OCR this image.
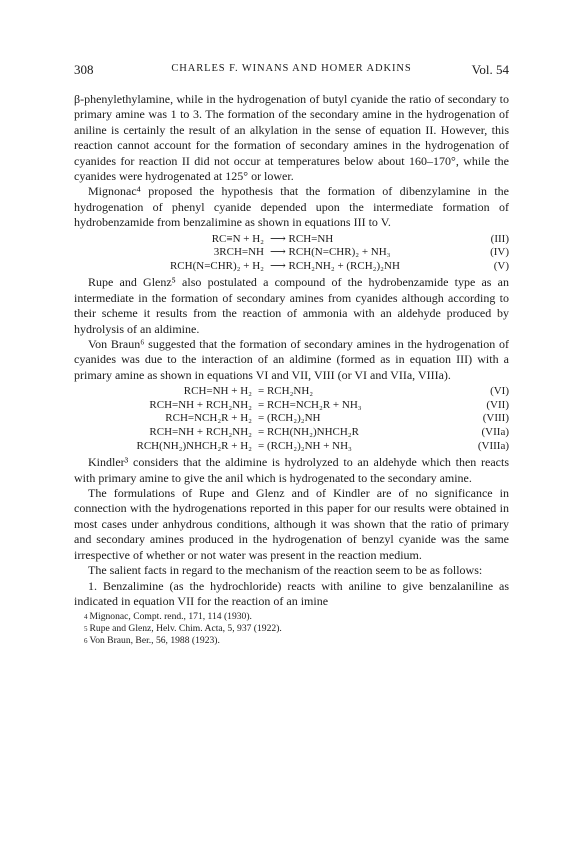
308	CHARLES F. WINANS AND HOMER ADKINS	Vol. 54

β-phenylethylamine, while in the hydrogenation of butyl cyanide the ratio of secondary to primary amine was 1 to 3. The formation of the secondary amine in the hydrogenation of aniline is certainly the result of an alkylation in the sense of equation II. However, this reaction cannot account for the formation of secondary amines in the hydrogenation of cyanides for reaction II did not occur at temperatures below about 160–170°, while the cyanides were hydrogenated at 125° or lower.

Mignonac⁴ proposed the hypothesis that the formation of dibenzylamine in the hydrogenation of phenyl cyanide depended upon the intermediate formation of hydrobenzamide from benzalimine as shown in equations III to V.

RC≡N + H₂ ⟶ RCH=NH	(III)
3RCH=NH ⟶ RCH(N=CHR)₂ + NH₃	(IV)
RCH(N=CHR)₂ + H₂ ⟶ RCH₂NH₂ + (RCH₂)₂NH	(V)

Rupe and Glenz⁵ also postulated a compound of the hydrobenzamide type as an intermediate in the formation of secondary amines from cyanides although according to their scheme it results from the reaction of ammonia with an aldehyde produced by hydrolysis of an aldimine.

Von Braun⁶ suggested that the formation of secondary amines in the hydrogenation of cyanides was due to the interaction of an aldimine (formed as in equation III) with a primary amine as shown in equations VI and VII, VIII (or VI and VIIa, VIIIa).

RCH=NH + H₂ = RCH₂NH₂	(VI)
RCH=NH + RCH₂NH₂ = RCH=NCH₂R + NH₃	(VII)
RCH=NCH₂R + H₂ = (RCH₂)₂NH	(VIII)
RCH=NH + RCH₂NH₂ = RCH(NH₂)NHCH₂R	(VIIa)
RCH(NH₂)NHCH₂R + H₂ = (RCH₂)₂NH + NH₃	(VIIIa)

Kindler³ considers that the aldimine is hydrolyzed to an aldehyde which then reacts with primary amine to give the anil which is hydrogenated to the secondary amine.

The formulations of Rupe and Glenz and of Kindler are of no significance in connection with the hydrogenations reported in this paper for our results were obtained in most cases under anhydrous conditions, although it was shown that the ratio of primary and secondary amines produced in the hydrogenation of benzyl cyanide was the same irrespective of whether or not water was present in the reaction medium.

The salient facts in regard to the mechanism of the reaction seem to be as follows:

1. Benzalimine (as the hydrochloride) reacts with aniline to give benzalaniline as indicated in equation VII for the reaction of an imine

$^4$ Mignonac, Compt. rend., 171, 114 (1930).

$^5$ Rupe and Glenz, Helv. Chim. Acta, 5, 937 (1922).

$^6$ Von Braun, Ber., 56, 1988 (1923).
